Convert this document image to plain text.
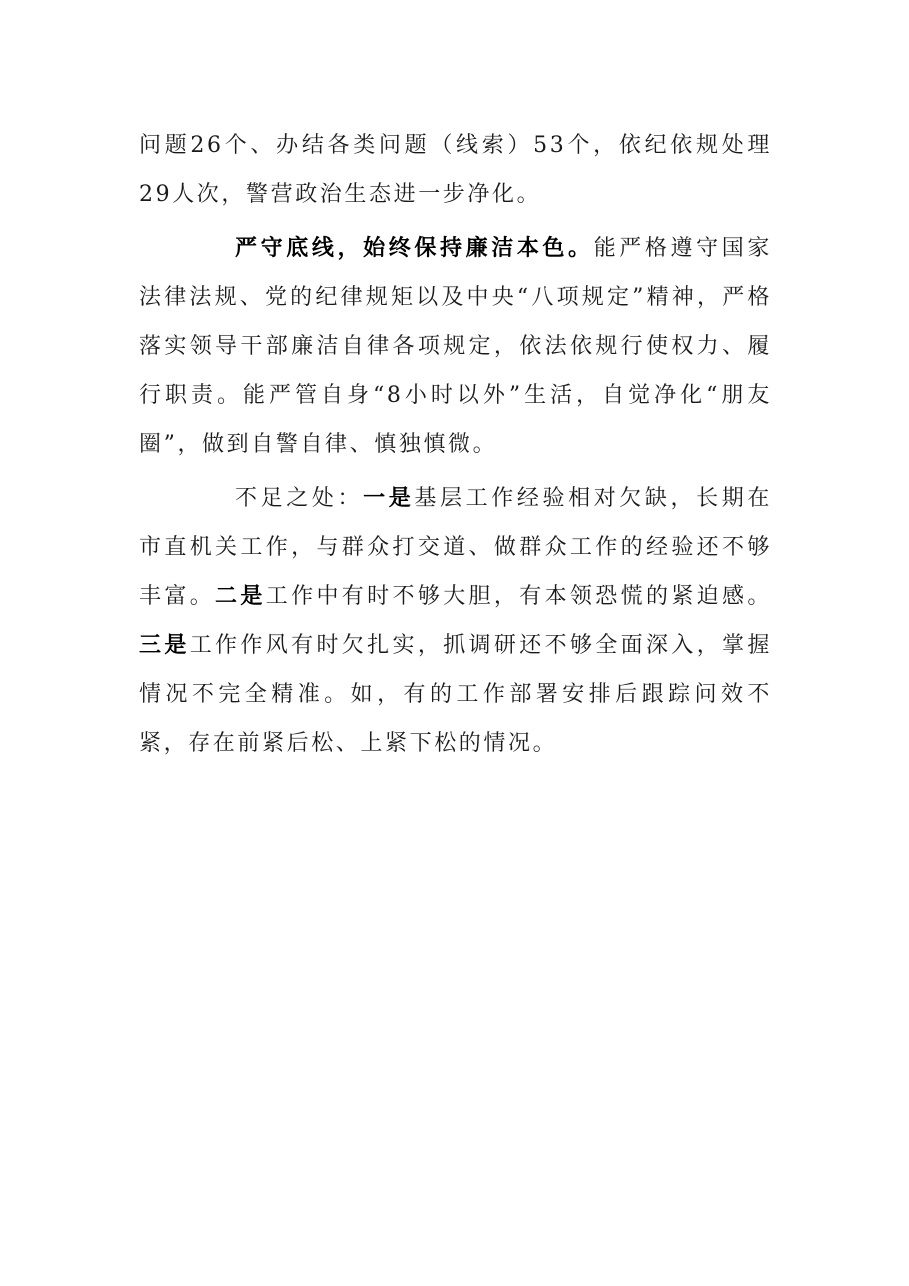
问题26个、办结各类问题（线索）53个，依纪依规处理29人次，警营政治生态进一步净化。

严守底线，始终保持廉洁本色。能严格遵守国家法律法规、党的纪律规矩以及中央“八项规定”精神，严格落实领导干部廉洁自律各项规定，依法依规行使权力、履行职责。能严管自身“8小时以外”生活，自觉净化“朋友圈”，做到自警自律、慎独慎微。

不足之处：一是基层工作经验相对欠缺，长期在市直机关工作，与群众打交道、做群众工作的经验还不够丰富。二是工作中有时不够大胆，有本领恐慌的紧迫感。三是工作作风有时欠扎实，抓调研还不够全面深入，掌握情况不完全精准。如，有的工作部署安排后跟踪问效不紧，存在前紧后松、上紧下松的情况。
